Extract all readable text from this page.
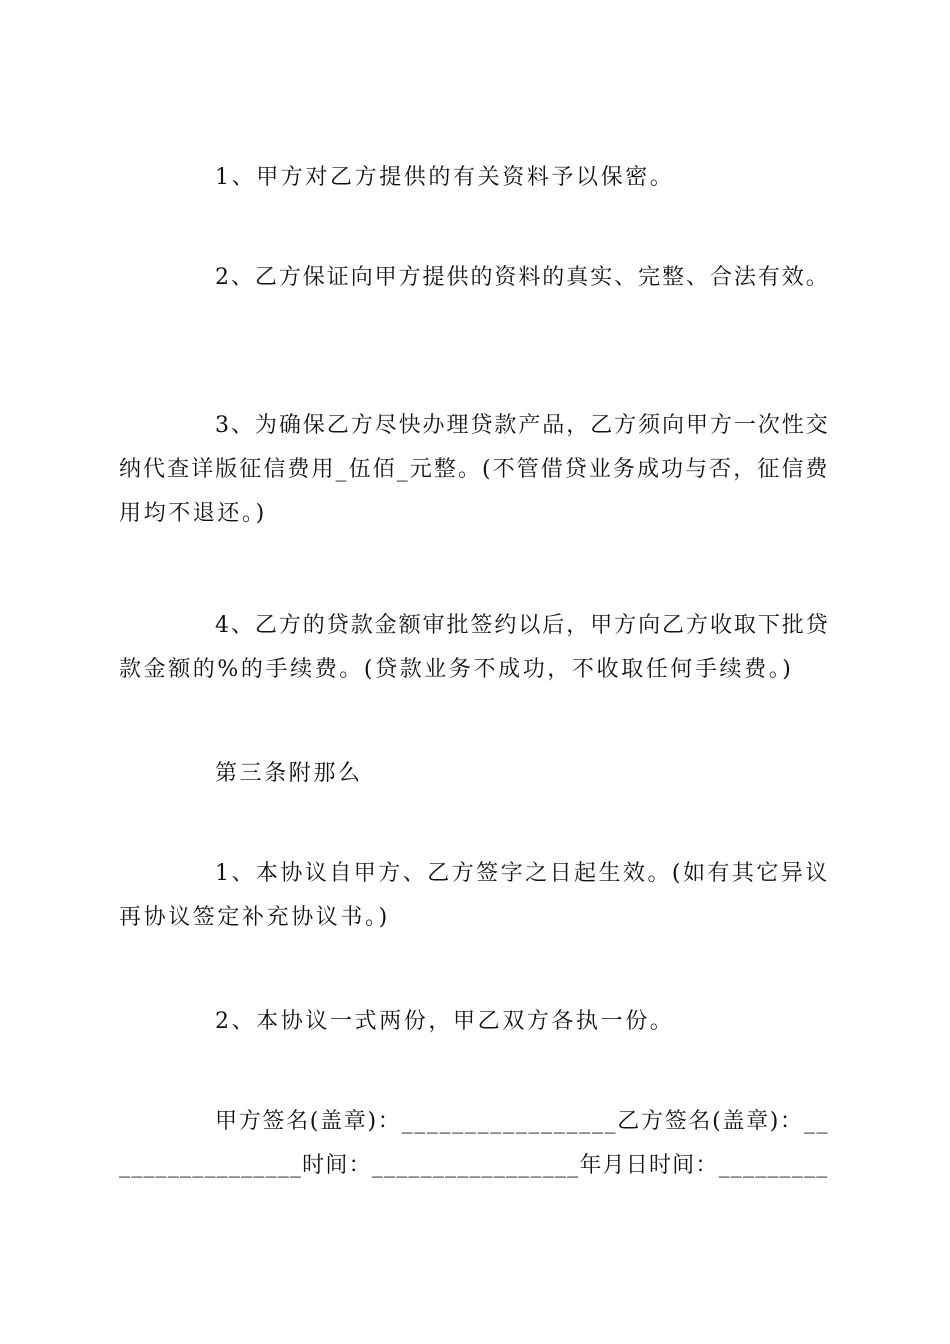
1、甲方对乙方提供的有关资料予以保密。

2、乙方保证向甲方提供的资料的真实、完整、合法有效。

3、为确保乙方尽快办理贷款产品，乙方须向甲方一次性交
纳代查详版征信费用_伍佰_元整。(不管借贷业务成功与否，征信费
用均不退还。)

4、乙方的贷款金额审批签约以后，甲方向乙方收取下批贷
款金额的%的手续费。(贷款业务不成功，不收取任何手续费。)

第三条附那么

1、本协议自甲方、乙方签字之日起生效。(如有其它异议
再协议签定补充协议书。)

2、本协议一式两份，甲乙双方各执一份。

甲方签名(盖章)：_________________乙方签名(盖章)：__
_______________时间：_________________年月日时间：_________
